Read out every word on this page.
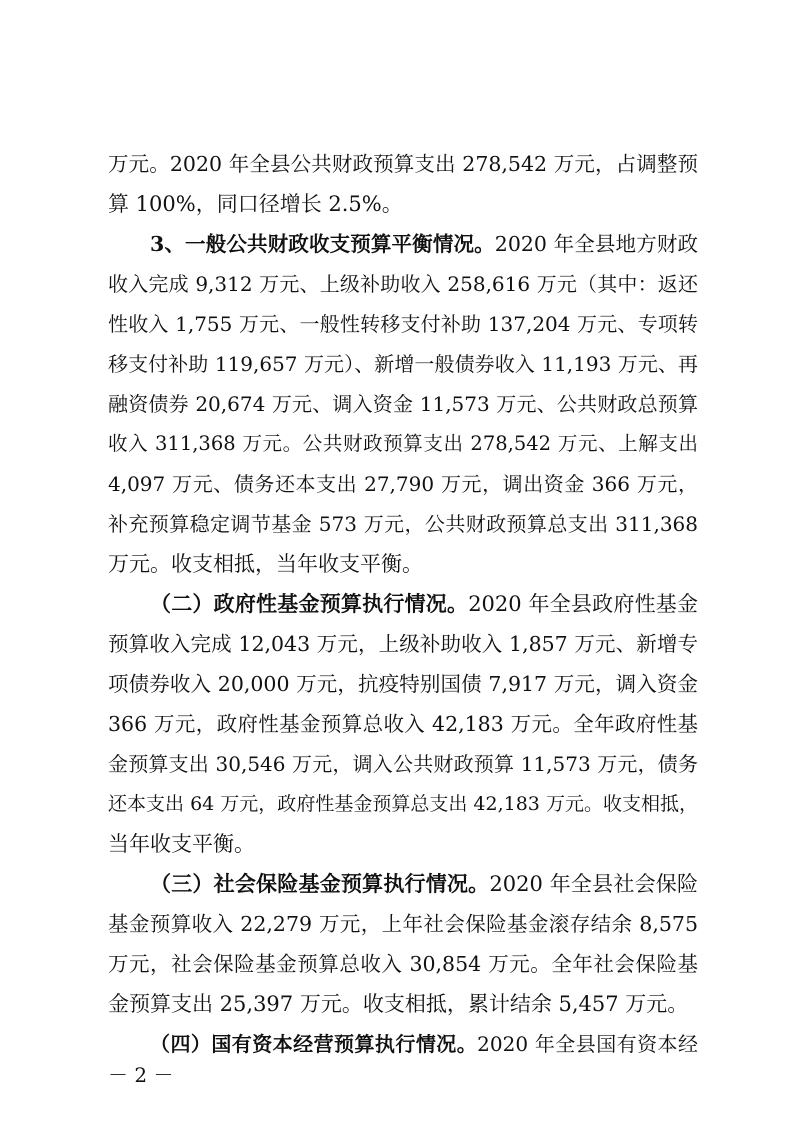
万元。2020 年全县公共财政预算支出 278,542 万元，占调整预
算 100%，同口径增长 2.5%。
3、一般公共财政收支预算平衡情况。2020 年全县地方财政
收入完成 9,312 万元、上级补助收入 258,616 万元（其中：返还
性收入 1,755 万元、一般性转移支付补助 137,204 万元、专项转
移支付补助 119,657 万元）、新增一般债券收入 11,193 万元、再
融资债券 20,674 万元、调入资金 11,573 万元、公共财政总预算
收入 311,368 万元。公共财政预算支出 278,542 万元、上解支出
4,097 万元、债务还本支出 27,790 万元，调出资金 366 万元，
补充预算稳定调节基金 573 万元，公共财政预算总支出 311,368
万元。收支相抵，当年收支平衡。
（二）政府性基金预算执行情况。2020 年全县政府性基金
预算收入完成 12,043 万元，上级补助收入 1,857 万元、新增专
项债券收入 20,000 万元，抗疫特别国债 7,917 万元，调入资金
366 万元，政府性基金预算总收入 42,183 万元。全年政府性基
金预算支出 30,546 万元，调入公共财政预算 11,573 万元，债务
还本支出 64 万元，政府性基金预算总支出 42,183 万元。收支相抵，
当年收支平衡。
（三）社会保险基金预算执行情况。2020 年全县社会保险
基金预算收入 22,279 万元，上年社会保险基金滚存结余 8,575
万元，社会保险基金预算总收入 30,854 万元。全年社会保险基
金预算支出 25,397 万元。收支相抵，累计结余 5,457 万元。
（四）国有资本经营预算执行情况。2020 年全县国有资本经
－ 2 －
